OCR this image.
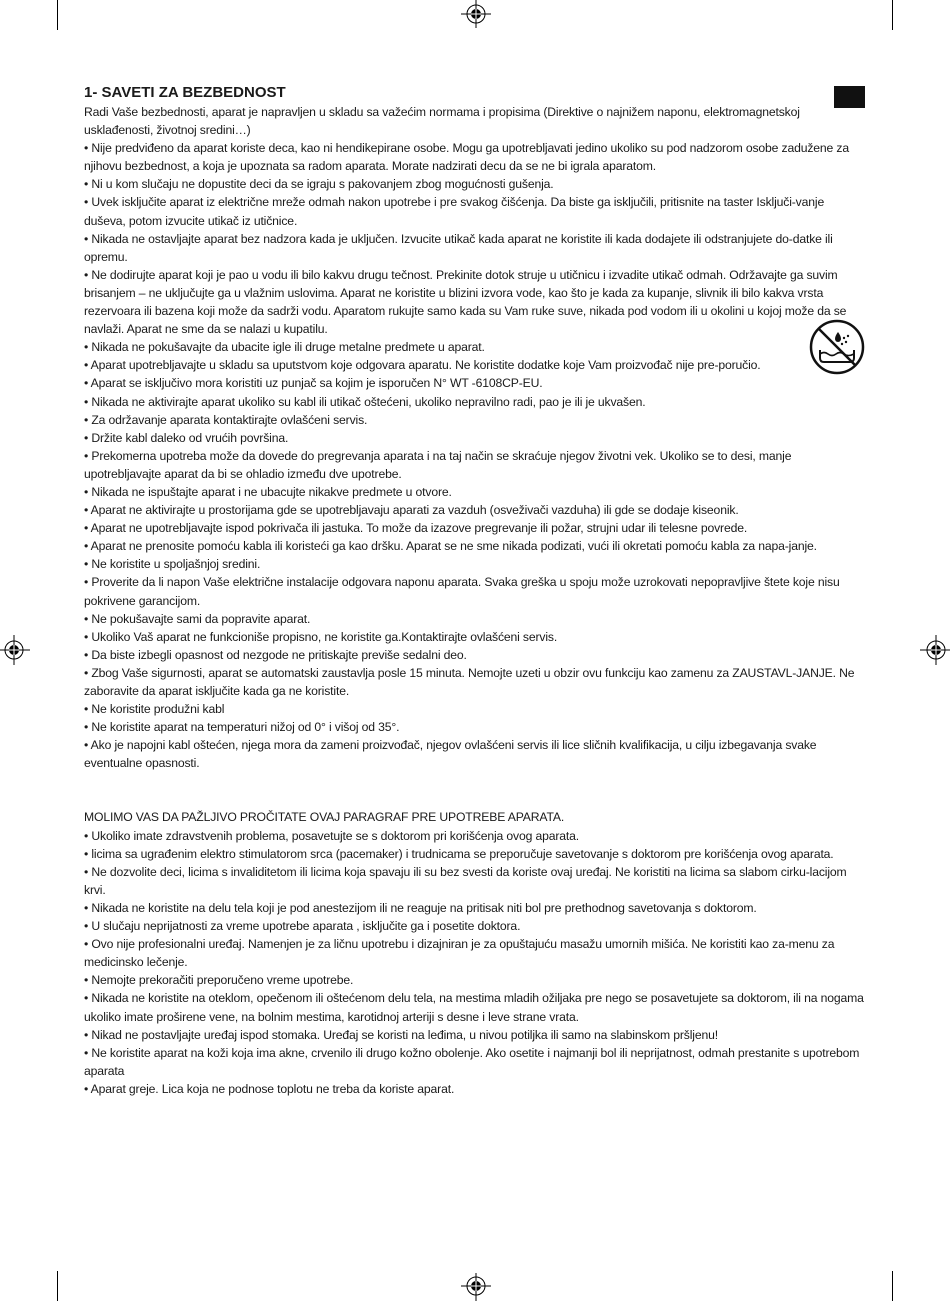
1- SAVETI ZA BEZBEDNOST

Radi Vaše bezbednosti, aparat je napravljen u skladu sa važećim normama i propisima (Direktive o najnižem naponu, elektromagnetskoj usklađenosti, životnoj sredini…)

• Nije predviđeno da aparat koriste deca, kao ni hendikepirane osobe. Mogu ga upotrebljavati jedino ukoliko su pod nadzorom osobe zadužene za njihovu bezbednost, a koja je upoznata sa radom aparata. Morate nadzirati decu da se ne bi igrala aparatom.

• Ni u kom slučaju ne dopustite deci da se igraju s pakovanjem zbog mogućnosti gušenja.

• Uvek isključite aparat iz električne mreže odmah nakon upotrebe i pre svakog čišćenja. Da biste ga isključili, pritisnite na taster Isključi-vanje duševa, potom izvucite utikač iz utičnice.

• Nikada ne ostavljajte aparat bez nadzora kada je uključen. Izvucite utikač kada aparat ne koristite ili kada dodajete ili odstranjujete do-datke ili opremu.

• Ne dodirujte aparat koji je pao u vodu ili bilo kakvu drugu tečnost. Prekinite dotok struje u utičnicu i izvadite utikač odmah. Održavajte ga suvim brisanjem – ne uključujte ga u vlažnim uslovima. Aparat ne koristite u blizini izvora vode, kao što je kada za kupanje, slivnik ili bilo kakva vrsta rezervoara ili bazena koji može da sadrži vodu. Aparatom rukujte samo kada su Vam ruke suve, nikada pod vodom ili u okolini u kojoj može da se navlaži. Aparat ne sme da se nalazi u kupatilu.

• Nikada ne pokušavajte da ubacite igle ili druge metalne predmete u aparat.

• Aparat upotrebljavajte u skladu sa uputstvom koje odgovara aparatu. Ne koristite dodatke koje Vam proizvođač nije pre-poručio.

• Aparat se isključivo mora koristiti uz punjač sa kojim je isporučen N° WT -6108CP-EU.

• Nikada ne aktivirajte aparat ukoliko su kabl ili utikač oštećeni, ukoliko nepravilno radi, pao je ili je ukvašen.

• Za održavanje aparata kontaktirajte ovlašćeni servis.

• Držite kabl daleko od vrućih površina.

• Prekomerna upotreba može da dovede do pregrevanja aparata i na taj način se skraćuje njegov životni vek. Ukoliko se to desi, manje upotrebljavajte aparat da bi se ohladio između dve upotrebe.

• Nikada ne ispuštajte aparat i ne ubacujte nikakve predmete u otvore.

• Aparat ne aktivirajte u prostorijama gde se upotrebljavaju aparati za vazduh (osveživači vazduha) ili gde se dodaje kiseonik.

• Aparat ne upotrebljavajte ispod pokrivača ili jastuka. To može da izazove pregrevanje ili požar, strujni udar ili telesne povrede.

• Aparat ne prenosite pomoću kabla ili koristeći ga kao dršku. Aparat se ne sme nikada podizati, vući ili okretati pomoću kabla za napa-janje.

• Ne koristite u spoljašnjoj sredini.

• Proverite da li napon Vaše električne instalacije odgovara naponu aparata. Svaka greška u spoju može uzrokovati nepopravljive štete koje nisu pokrivene garancijom.

• Ne pokušavajte sami da popravite aparat.

• Ukoliko Vaš aparat ne funkcioniše propisno, ne koristite ga.Kontaktirajte ovlašćeni servis.

• Da biste izbegli opasnost od nezgode ne pritiskajte previše sedalni deo.

• Zbog Vaše sigurnosti, aparat se automatski zaustavlja posle 15 minuta. Nemojte uzeti u obzir ovu funkciju kao zamenu za ZAUSTAVL-JANJE. Ne zaboravite da aparat isključite kada ga ne koristite.

• Ne koristite produžni kabl

• Ne koristite aparat na temperaturi nižoj od 0° i višoj od 35°.

• Ako je napojni kabl oštećen, njega mora da zameni proizvođač, njegov ovlašćeni servis ili lice sličnih kvalifikacija, u cilju izbegavanja svake eventualne opasnosti.

MOLIMO VAS DA PAŽLJIVO PROČITATE OVAJ PARAGRAF PRE UPOTREBE APARATA.

• Ukoliko imate zdravstvenih problema, posavetujte se s doktorom pri korišćenja ovog aparata.

• licima sa ugrađenim elektro stimulatorom srca (pacemaker) i trudnicama se preporučuje savetovanje s doktorom pre korišćenja ovog aparata.

• Ne dozvolite deci, licima s invaliditetom ili licima koja spavaju ili su bez svesti da koriste ovaj uređaj. Ne koristiti na licima sa slabom cirku-lacijom krvi.

• Nikada ne koristite na delu tela koji je pod anestezijom ili ne reaguje na pritisak niti bol pre prethodnog savetovanja s doktorom.

• U slučaju neprijatnosti za vreme upotrebe aparata , isključite ga i posetite doktora.

• Ovo nije profesionalni uređaj. Namenjen je za ličnu upotrebu i dizajniran je za opuštajuću masažu umornih mišića. Ne koristiti kao za-menu za medicinsko lečenje.

• Nemojte prekoračiti preporučeno vreme upotrebe.

• Nikada ne koristite na oteklom, opečenom ili oštećenom delu tela, na mestima mladih ožiljaka pre nego se posavetujete sa doktorom, ili na nogama ukoliko imate proširene vene, na bolnim mestima, karotidnoj arteriji s desne i leve strane vrata.

• Nikad ne postavljajte uređaj ispod stomaka. Uređaj se koristi na leđima, u nivou potiljka ili samo na slabinskom pršljenu!

• Ne koristite aparat na koži koja ima akne, crvenilo ili drugo kožno obolenje. Ako osetite i najmanji bol ili neprijatnost, odmah prestanite s upotrebom aparata

• Aparat greje. Lica koja ne podnose toplotu ne treba da koriste aparat.
